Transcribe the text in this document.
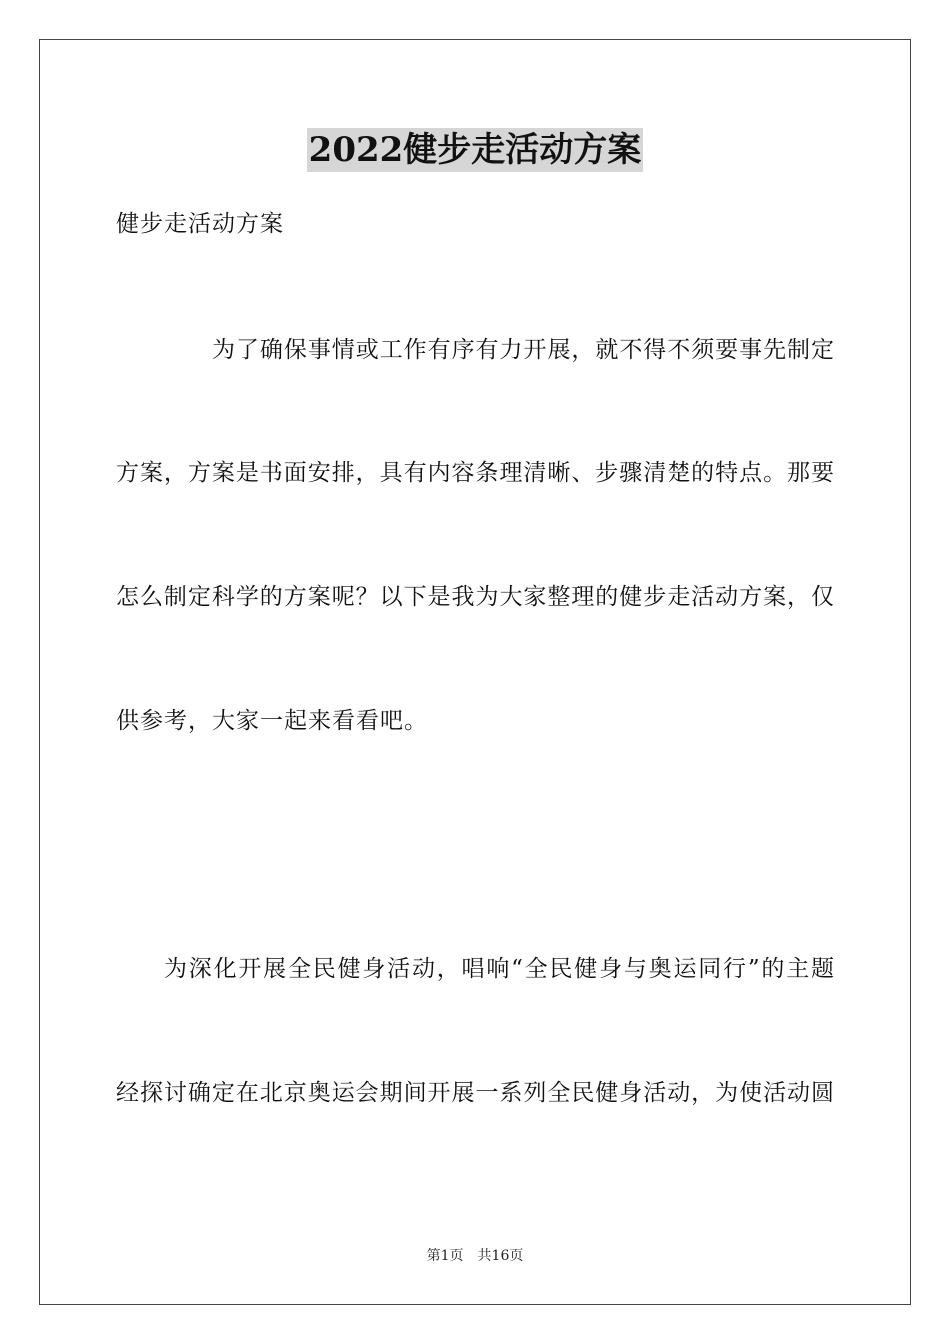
2022健步走活动方案
健步走活动方案
为了确保事情或工作有序有力开展，就不得不须要事先制定
方案，方案是书面安排，具有内容条理清晰、步骤清楚的特点。那要
怎么制定科学的方案呢？以下是我为大家整理的健步走活动方案，仅
供参考，大家一起来看看吧。
为深化开展全民健身活动，唱响“全民健身与奥运同行”的主题
经探讨确定在北京奥运会期间开展一系列全民健身活动，为使活动圆
第1页 共16页
